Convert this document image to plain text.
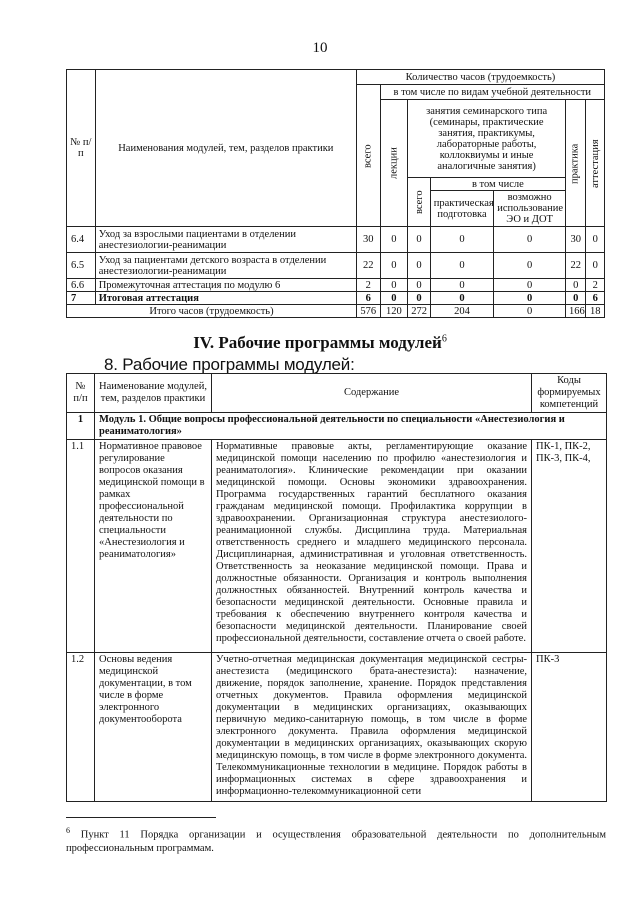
10
№ п/п	Наименования модулей, тем, разделов практики	Количество часов (трудоемкость)						
		всего	в том числе по видам учебной деятельности					
			лекции	занятия семинарского типа (семинары, практические занятия, практикумы, лабораторные работы, коллоквиумы и иные аналогичные занятия)			практика	аттестация
				всего	в том числе			
					практическая подготовка	возможно использование ЭО и ДОТ		
6.4	Уход за взрослыми пациентами в отделении анестезиологии-реанимации	30	0	0	0	0	30	0
6.5	Уход за пациентами детского возраста в отделении анестезиологии-реанимации	22	0	0	0	0	22	0
6.6	Промежуточная аттестация по модулю 6	2	0	0	0	0	0	2
7	Итоговая аттестация	6	0	0	0	0	0	6
Итого часов (трудоемкость)		576	120	272	204	0	166	18
IV. Рабочие программы модулей$^6$
8. Рабочие программы модулей:
№ п/п	Наименование модулей, тем, разделов практики	Содержание	Коды формируемых компетенций
1	Модуль 1. Общие вопросы профессиональной деятельности по специальности «Анестезиология и реаниматология»		
1.1	Нормативное правовое регулирование вопросов оказания медицинской помощи в рамках профессиональной деятельности по специальности «Анестезиология и реаниматология»	Нормативные правовые акты, регламентирующие оказание медицинской помощи населению по профилю «анестезиология и реаниматология». Клинические рекомендации при оказании медицинской помощи. Основы экономики здравоохранения. Программа государственных гарантий бесплатного оказания гражданам медицинской помощи. Профилактика коррупции в здравоохранении. Организационная структура анестезиолого-реанимационной службы. Дисциплина труда. Материальная ответственность среднего и младшего медицинского персонала. Дисциплинарная, административная и уголовная ответственность. Ответственность за неоказание медицинской помощи. Права и должностные обязанности. Организация и контроль выполнения должностных обязанностей. Внутренний контроль качества и безопасности медицинской деятельности. Основные правила и требования к обеспечению внутреннего контроля качества и безопасности медицинской деятельности. Планирование своей профессиональной деятельности, составление отчета о своей работе.	ПК-1, ПК-2, ПК-3, ПК-4,
1.2	Основы ведения медицинской документации, в том числе в форме электронного документооборота	Учетно-отчетная медицинская документация медицинской сестры-анестезиста (медицинского брата-анестезиста): назначение, движение, порядок заполнение, хранение. Порядок представления отчетных документов. Правила оформления медицинской документации в медицинских организациях, оказывающих первичную медико-санитарную помощь, в том числе в форме электронного документа. Правила оформления медицинской документации в медицинских организациях, оказывающих скорую медицинскую помощь, в том числе в форме электронного документа. Телекоммуникационные технологии в медицине. Порядок работы в информационных системах в сфере здравоохранения и информационно-телекоммуникационной сети	ПК-3
$^6$ Пункт 11 Порядка организации и осуществления образовательной деятельности по дополнительным профессиональным программам.
